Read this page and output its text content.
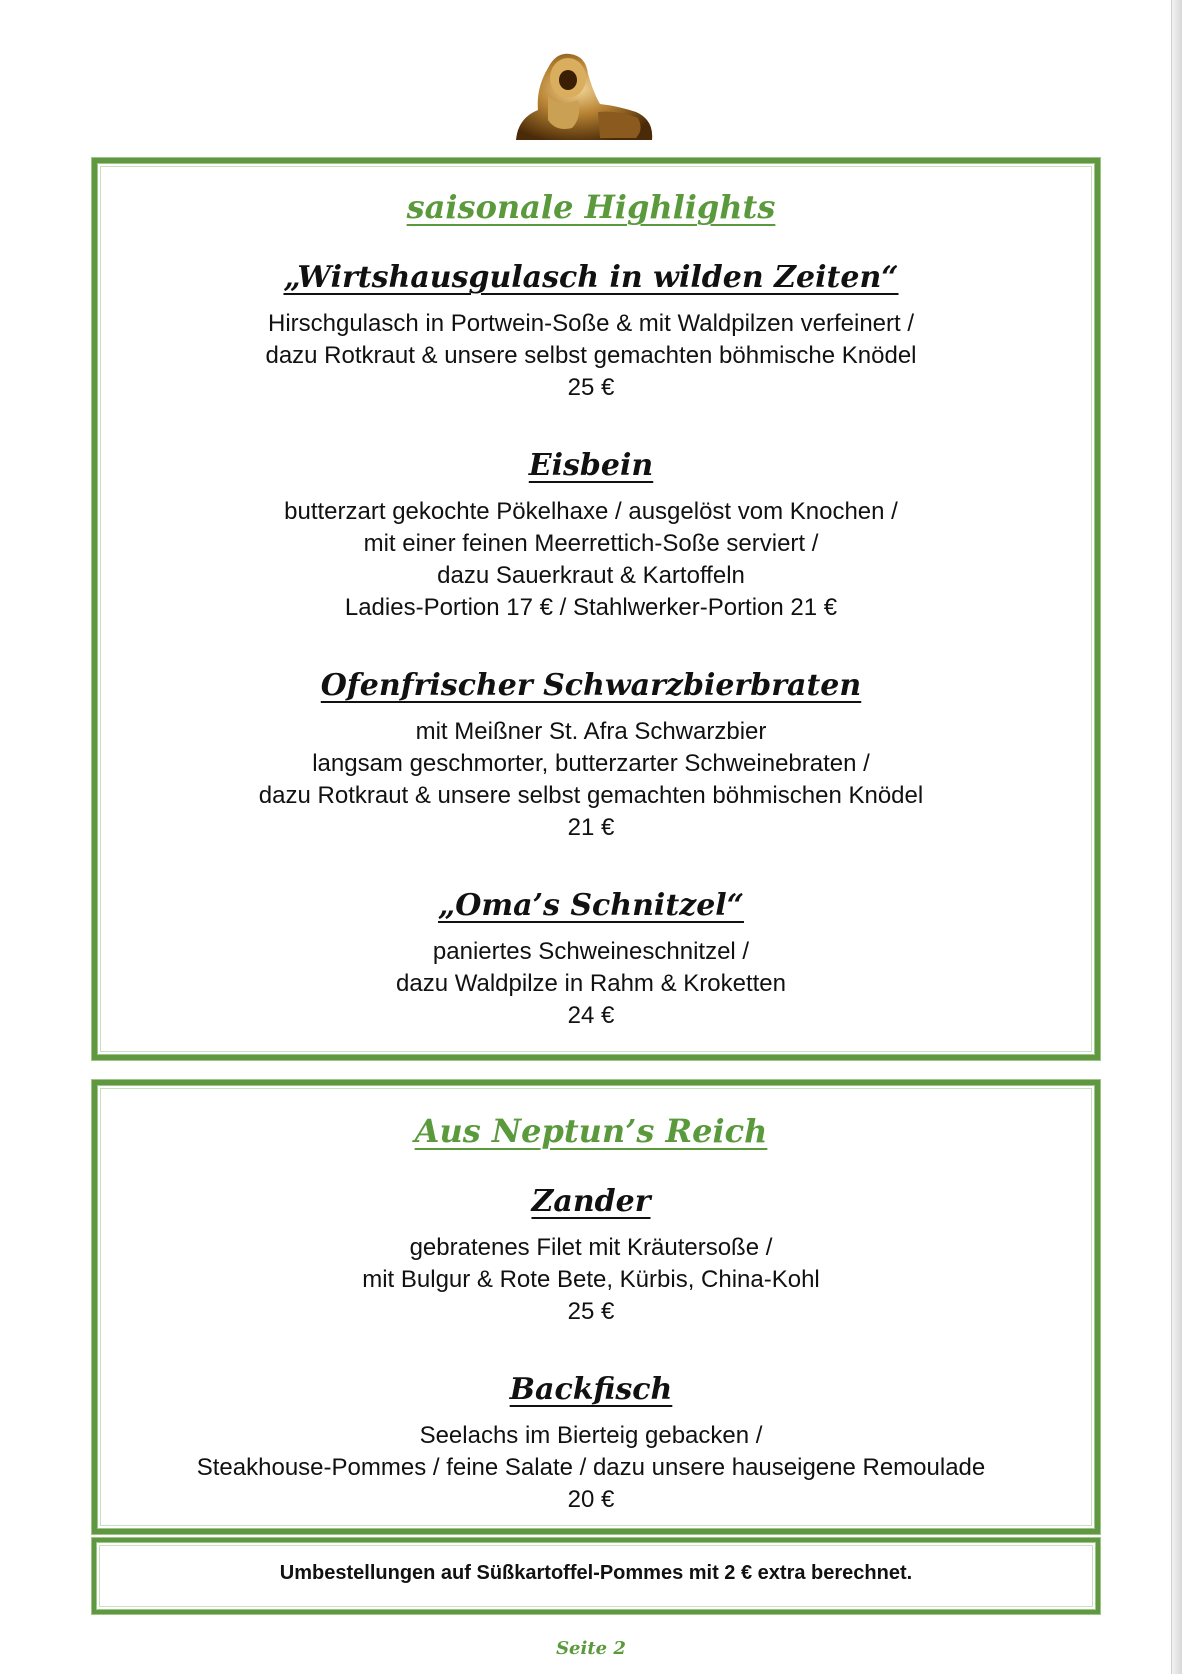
saisonale Highlights
„Wirtshausgulasch in wilden Zeiten“
Hirschgulasch in Portwein-Soße & mit Waldpilzen verfeinert /
dazu Rotkraut & unsere selbst gemachten böhmische Knödel
25 €
Eisbein
butterzart gekochte Pökelhaxe / ausgelöst vom Knochen /
mit einer feinen Meerrettich-Soße serviert /
dazu Sauerkraut & Kartoffeln
Ladies-Portion 17 € / Stahlwerker-Portion 21 €
Ofenfrischer Schwarzbierbraten
mit Meißner St. Afra Schwarzbier
langsam geschmorter, butterzarter Schweinebraten /
dazu Rotkraut & unsere selbst gemachten böhmischen Knödel
21 €
„Oma’s Schnitzel“
paniertes Schweineschnitzel /
dazu Waldpilze in Rahm & Kroketten
24 €
Aus Neptun’s Reich
Zander
gebratenes Filet mit Kräutersoße /
mit Bulgur & Rote Bete, Kürbis, China-Kohl
25 €
Backfisch
Seelachs im Bierteig gebacken /
Steakhouse-Pommes / feine Salate / dazu unsere hauseigene Remoulade
20 €
Umbestellungen auf Süßkartoffel-Pommes mit 2 € extra berechnet.
Seite 2
